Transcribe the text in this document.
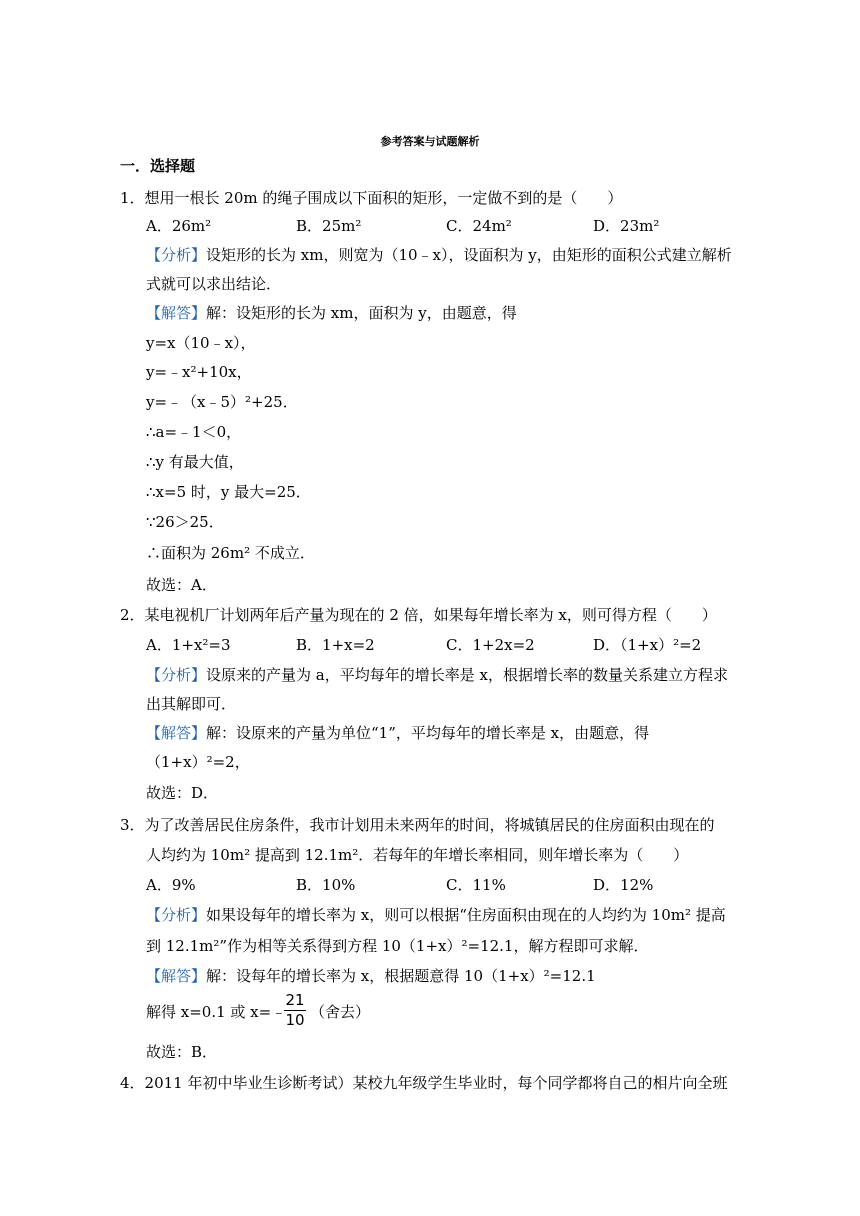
参考答案与试题解析
一．选择题
1．想用一根长 20m 的绳子围成以下面积的矩形，一定做不到的是（　　）
A．26m²	B．25m²	C．24m²	D．23m²
【分析】设矩形的长为 xm，则宽为（10﹣x），设面积为 y，由矩形的面积公式建立解析
式就可以求出结论．
【解答】解：设矩形的长为 xm，面积为 y，由题意，得
y=x（10﹣x），
y=﹣x²+10x，
y=﹣（x﹣5）²+25．
∴a=﹣1＜0，
∴y 有最大值，
∴x=5 时，y 最大=25．
∵26＞25．
∴面积为 26m² 不成立．
故选：A．
2．某电视机厂计划两年后产量为现在的 2 倍，如果每年增长率为 x，则可得方程（　　）
A．1+x²=3	B．1+x=2	C．1+2x=2	D．（1+x）²=2
【分析】设原来的产量为 a，平均每年的增长率是 x，根据增长率的数量关系建立方程求
出其解即可．
【解答】解：设原来的产量为单位“1”，平均每年的增长率是 x，由题意，得
（1+x）²=2，
故选：D．
3．为了改善居民住房条件，我市计划用未来两年的时间，将城镇居民的住房面积由现在的
人均约为 10m² 提高到 12.1m²．若每年的年增长率相同，则年增长率为（　　）
A．9%	B．10%	C．11%	D．12%
【分析】如果设每年的增长率为 x，则可以根据“住房面积由现在的人均约为 10m² 提高
到 12.1m²”作为相等关系得到方程 10（1+x）²=12.1，解方程即可求解．
【解答】解：设每年的增长率为 x，根据题意得 10（1+x）²=12.1
解得 x=0.1 或 x=﹣
$\frac{21}{10}$ （舍去）
故选：B．
4．2011 年初中毕业生诊断考试）某校九年级学生毕业时，每个同学都将自己的相片向全班
